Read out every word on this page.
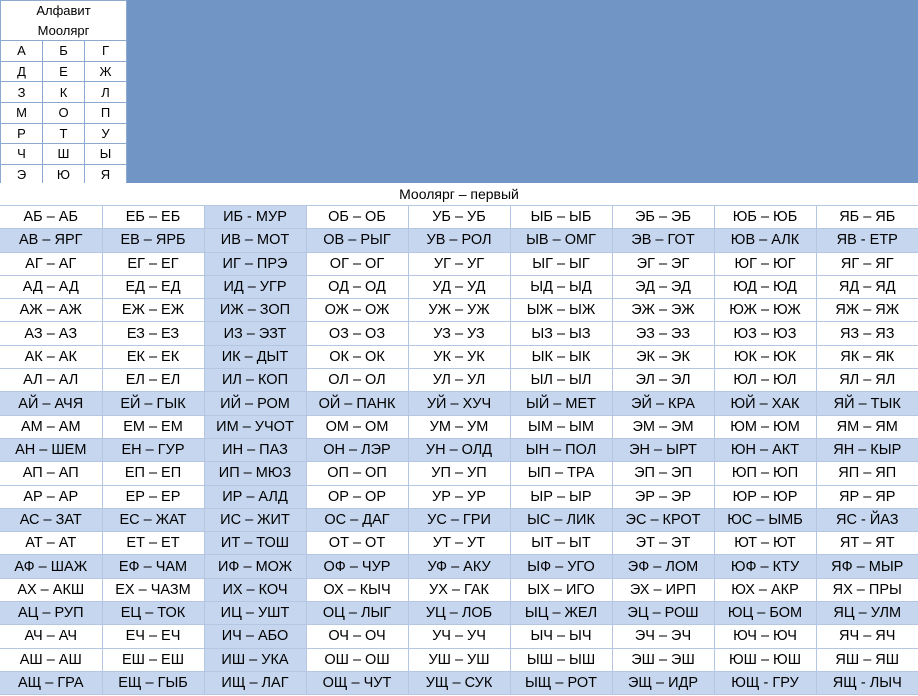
Алфавит		
Моолярг		
А	Б	Г
Д	Е	Ж
З	К	Л
М	О	П
Р	Т	У
Ч	Ш	Ы
Э	Ю	Я
Моолярг – первый
АБ – АБ	ЕБ – ЕБ	ИБ - МУР	ОБ – ОБ	УБ – УБ	ЫБ – ЫБ	ЭБ – ЭБ	ЮБ – ЮБ	ЯБ – ЯБ
АВ – ЯРГ	ЕВ – ЯРБ	ИВ – МОТ	ОВ – РЫГ	УВ – РОЛ	ЫВ – ОМГ	ЭВ – ГОТ	ЮВ – АЛК	ЯВ - ЕТР
АГ – АГ	ЕГ – ЕГ	ИГ – ПРЭ	ОГ – ОГ	УГ – УГ	ЫГ – ЫГ	ЭГ – ЭГ	ЮГ – ЮГ	ЯГ – ЯГ
АД – АД	ЕД – ЕД	ИД – УГР	ОД – ОД	УД – УД	ЫД – ЫД	ЭД – ЭД	ЮД – ЮД	ЯД – ЯД
АЖ – АЖ	ЕЖ – ЕЖ	ИЖ – ЗОП	ОЖ – ОЖ	УЖ – УЖ	ЫЖ – ЫЖ	ЭЖ – ЭЖ	ЮЖ – ЮЖ	ЯЖ – ЯЖ
АЗ – АЗ	ЕЗ – ЕЗ	ИЗ – ЭЗТ	ОЗ – ОЗ	УЗ – УЗ	ЫЗ – ЫЗ	ЭЗ – ЭЗ	ЮЗ – ЮЗ	ЯЗ – ЯЗ
АК – АК	ЕК – ЕК	ИК – ДЫТ	ОК – ОК	УК – УК	ЫК – ЫК	ЭК – ЭК	ЮК – ЮК	ЯК – ЯК
АЛ – АЛ	ЕЛ – ЕЛ	ИЛ – КОП	ОЛ – ОЛ	УЛ – УЛ	ЫЛ – ЫЛ	ЭЛ – ЭЛ	ЮЛ – ЮЛ	ЯЛ – ЯЛ
АЙ – АЧЯ	ЕЙ – ГЫК	ИЙ – РОМ	ОЙ – ПАНК	УЙ – ХУЧ	ЫЙ – МЕТ	ЭЙ – КРА	ЮЙ – ХАК	ЯЙ – ТЫК
АМ – АМ	ЕМ – ЕМ	ИМ – УЧОТ	ОМ – ОМ	УМ – УМ	ЫМ – ЫМ	ЭМ – ЭМ	ЮМ – ЮМ	ЯМ – ЯМ
АН – ШЕМ	ЕН – ГУР	ИН – ПАЗ	ОН – ЛЭР	УН – ОЛД	ЫН – ПОЛ	ЭН – ЫРТ	ЮН – АКТ	ЯН – КЫР
АП – АП	ЕП – ЕП	ИП – МЮЗ	ОП – ОП	УП – УП	ЫП – ТРА	ЭП – ЭП	ЮП – ЮП	ЯП – ЯП
АР – АР	ЕР – ЕР	ИР – АЛД	ОР – ОР	УР – УР	ЫР – ЫР	ЭР – ЭР	ЮР – ЮР	ЯР – ЯР
АС – ЗАТ	ЕС – ЖАТ	ИС – ЖИТ	ОС – ДАГ	УС – ГРИ	ЫС – ЛИК	ЭС – КРОТ	ЮС – ЫМБ	ЯС - ЙАЗ
АТ – АТ	ЕТ – ЕТ	ИТ – ТОШ	ОТ – ОТ	УТ – УТ	ЫТ – ЫТ	ЭТ – ЭТ	ЮТ – ЮТ	ЯТ – ЯТ
АФ – ШАЖ	ЕФ – ЧАМ	ИФ – МОЖ	ОФ – ЧУР	УФ – АКУ	ЫФ – УГО	ЭФ – ЛОМ	ЮФ – КТУ	ЯФ – МЫР
АХ – АКШ	ЕХ – ЧАЗМ	ИХ – КОЧ	ОХ – КЫЧ	УХ – ГАК	ЫХ – ИГО	ЭХ – ИРП	ЮХ – АКР	ЯХ – ПРЫ
АЦ – РУП	ЕЦ – ТОК	ИЦ – УШТ	ОЦ – ЛЫГ	УЦ – ЛОБ	ЫЦ – ЖЕЛ	ЭЦ – РОШ	ЮЦ – БОМ	ЯЦ – УЛМ
АЧ – АЧ	ЕЧ – ЕЧ	ИЧ – АБО	ОЧ – ОЧ	УЧ – УЧ	ЫЧ – ЫЧ	ЭЧ – ЭЧ	ЮЧ – ЮЧ	ЯЧ – ЯЧ
АШ – АШ	ЕШ – ЕШ	ИШ – УКА	ОШ – ОШ	УШ – УШ	ЫШ – ЫШ	ЭШ – ЭШ	ЮШ – ЮШ	ЯШ – ЯШ
АЩ – ГРА	ЕЩ – ГЫБ	ИЩ – ЛАГ	ОЩ – ЧУТ	УЩ – СУК	ЫЩ – РОТ	ЭЩ – ИДР	ЮЩ - ГРУ	ЯЩ - ЛЫЧ
